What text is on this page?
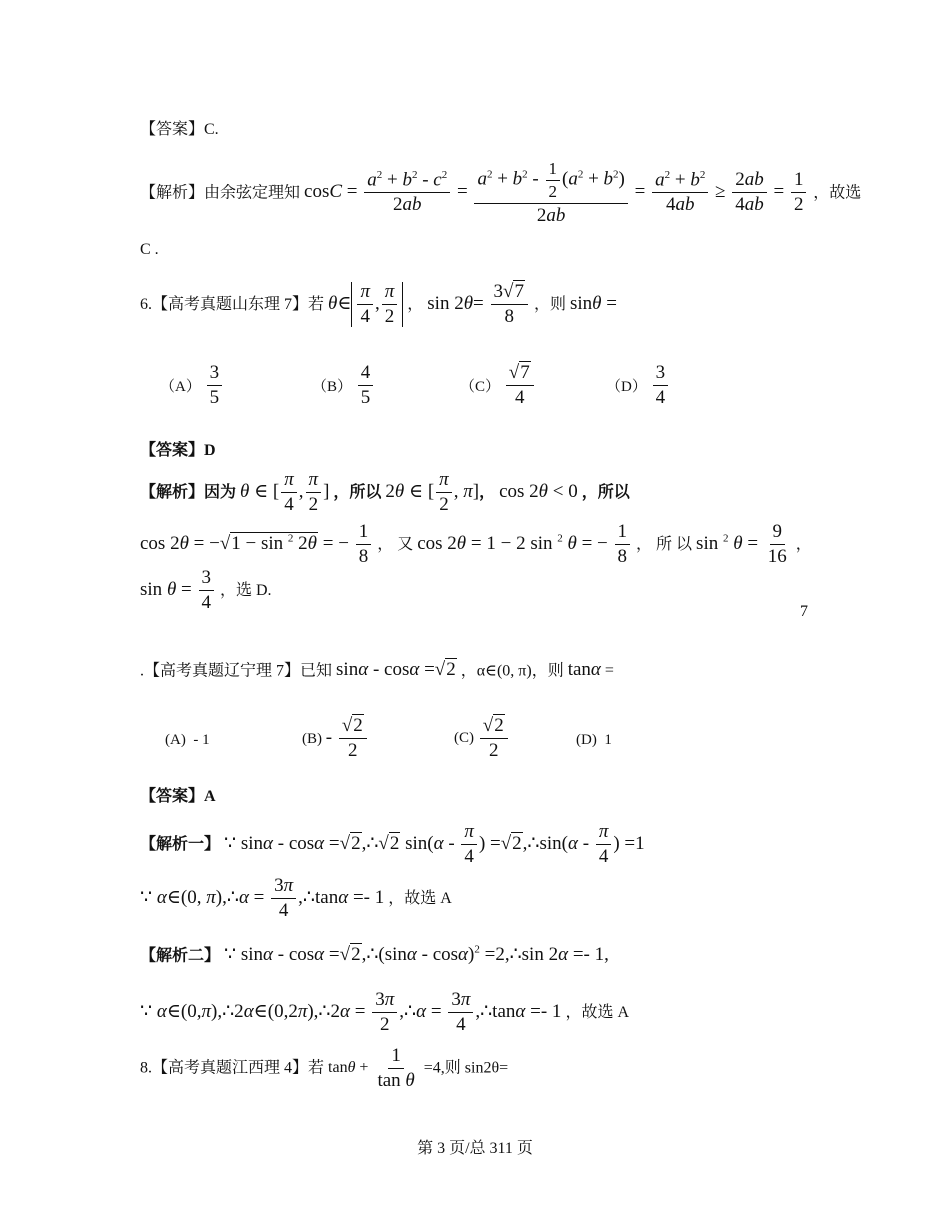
【答案】C.
【解析】由余弦定理知 $\cos C = \frac{a^2 + b^2 - c^2}{2ab} = \frac{a^2 + b^2 - \frac{1}{2} (a^2 + b^2)}{2ab} = \frac{a^2 + b^2}{4ab} \ge \frac{2ab}{4ab} = \frac{1}{2}$ ，故选
C .
6.【高考真题山东理 7】若 θ∈ $\frac{\pi}{4}$ , $\frac{\pi}{2}$ ， $\sin 2\theta= \frac{3√7}{8}$ ，则 sinθ =
$(A) \frac{3}{5}$	$(B) \frac{4}{5}$	$(C) \frac{√7}{4}$	$(D) \frac{3}{4}$
【答案】D
【解析】因为 θ ∈ [ $\frac{\pi}{4}$ , $\frac{\pi}{2}$ ] ，所以 2θ ∈ [ $\frac{\pi}{2}$ , π]， cos 2θ < 0 ，所以
cos 2θ = −√1 − sin $^2$ 2θ = − $\frac{1}{8}$ ， 又 cos 2θ = 1 − 2 sin $^2$ θ = − $\frac{1}{8}$ ， 所 以 sin $^2$ $\theta = \frac{9}{16}$ ，
$\sin \theta = \frac{3}{4}$ ，选 D.
7
.【高考真题辽宁理 7】已知 sinα - cosα =√2 ，α∈(0, π)，则 tanα =
(A) - 1	$(B) - \frac{√2}{2}$	$(C) \frac{√2}{2}$	(D) 1
【答案】A
【解析一】 ∵ sinα - cosα =√2,∴√2 $\sin(\alpha - \frac{\pi}{4}$ ) =√2,∴sin(α - $\frac{\pi}{4}$ ) =1
∵ α∈(0, π),∴α = $\frac{3\pi}{4}$ ,∴tanα =- 1 ，故选 A
【解析二】 ∵ sinα - cosα =√2,∴(sinα - cosα)$^2$ =2,∴sin 2α =- 1,
∵ α∈(0,π),∴2α∈(0,2π),∴2α = $\frac{3\pi}{2}$ ,∴α = $\frac{3\pi}{4}$ ,∴tanα =- 1 ，故选 A
8.【高考真题江西理 4】若 $\tan\theta + \frac{1}{\text{tan θ}} =4$,则 sin2θ=
第 3 页/总 311 页
